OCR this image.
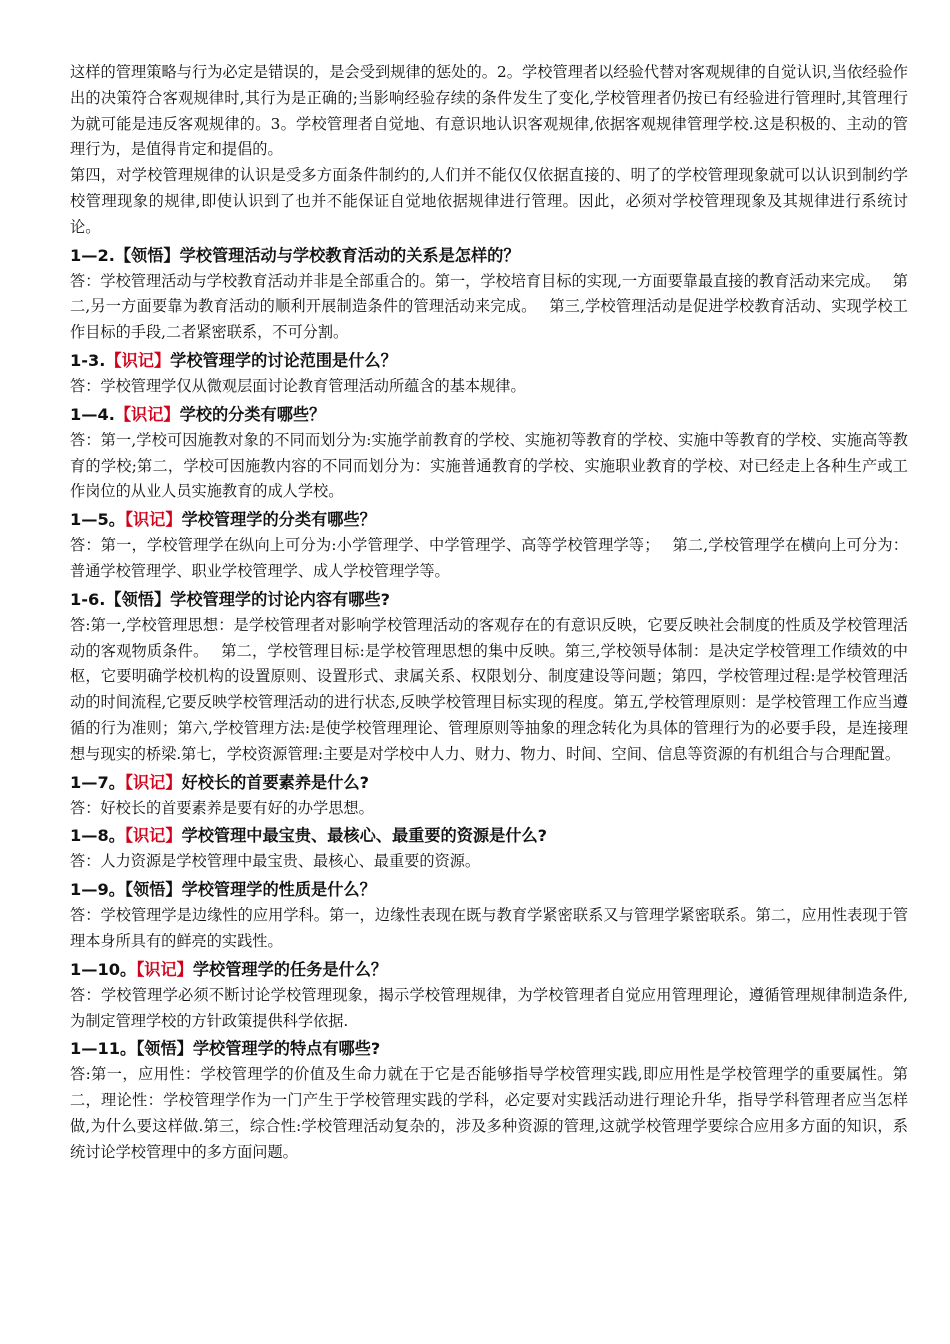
这样的管理策略与行为必定是错误的，是会受到规律的惩处的。2。学校管理者以经验代替对客观规律的自觉认识,当依经验作出的决策符合客观规律时,其行为是正确的;当影响经验存续的条件发生了变化,学校管理者仍按已有经验进行管理时,其管理行为就可能是违反客观规律的。3。学校管理者自觉地、有意识地认识客观规律,依据客观规律管理学校.这是积极的、主动的管理行为，是值得肯定和提倡的。

第四，对学校管理规律的认识是受多方面条件制约的,人们并不能仅仅依据直接的、明了的学校管理现象就可以认识到制约学校管理现象的规律,即使认识到了也并不能保证自觉地依据规律进行管理。因此，必须对学校管理现象及其规律进行系统讨论。

1—2.【领悟】学校管理活动与学校教育活动的关系是怎样的？

答：学校管理活动与学校教育活动并非是全部重合的。第一，学校培育目标的实现,一方面要靠最直接的教育活动来完成。　 第二,另一方面要靠为教育活动的顺利开展制造条件的管理活动来完成。　 第三,学校管理活动是促进学校教育活动、实现学校工作目标的手段,二者紧密联系，不可分割。

1-3.【识记】学校管理学的讨论范围是什么？

答：学校管理学仅从微观层面讨论教育管理活动所蕴含的基本规律。

1—4.【识记】学校的分类有哪些？

答：第一,学校可因施教对象的不同而划分为:实施学前教育的学校、实施初等教育的学校、实施中等教育的学校、实施高等教育的学校;第二，学校可因施教内容的不同而划分为：实施普通教育的学校、实施职业教育的学校、对已经走上各种生产或工作岗位的从业人员实施教育的成人学校。

1—5。【识记】学校管理学的分类有哪些？

答：第一，学校管理学在纵向上可分为:小学管理学、中学管理学、高等学校管理学等；　 第二,学校管理学在横向上可分为：普通学校管理学、职业学校管理学、成人学校管理学等。

1-6.【领悟】学校管理学的讨论内容有哪些?

答:第一,学校管理思想：是学校管理者对影响学校管理活动的客观存在的有意识反映，它要反映社会制度的性质及学校管理活动的客观物质条件。　 第二，学校管理目标:是学校管理思想的集中反映。第三,学校领导体制：是决定学校管理工作绩效的中枢，它要明确学校机构的设置原则、设置形式、隶属关系、权限划分、制度建设等问题；第四，学校管理过程:是学校管理活动的时间流程,它要反映学校管理活动的进行状态,反映学校管理目标实现的程度。第五,学校管理原则：是学校管理工作应当遵循的行为准则；第六,学校管理方法:是使学校管理理论、管理原则等抽象的理念转化为具体的管理行为的必要手段，是连接理想与现实的桥梁.第七，学校资源管理:主要是对学校中人力、财力、物力、时间、空间、信息等资源的有机组合与合理配置。

1—7。【识记】好校长的首要素养是什么?

答：好校长的首要素养是要有好的办学思想。

1—8。【识记】学校管理中最宝贵、最核心、最重要的资源是什么?

答：人力资源是学校管理中最宝贵、最核心、最重要的资源。

1—9。【领悟】学校管理学的性质是什么？

答：学校管理学是边缘性的应用学科。第一，边缘性表现在既与教育学紧密联系又与管理学紧密联系。第二，应用性表现于管理本身所具有的鲜亮的实践性。

1—10。【识记】学校管理学的任务是什么？

答：学校管理学必须不断讨论学校管理现象，揭示学校管理规律，为学校管理者自觉应用管理理论，遵循管理规律制造条件,为制定管理学校的方针政策提供科学依据.

1—11。【领悟】学校管理学的特点有哪些?

答:第一，应用性：学校管理学的价值及生命力就在于它是否能够指导学校管理实践,即应用性是学校管理学的重要属性。第二，理论性：学校管理学作为一门产生于学校管理实践的学科，必定要对实践活动进行理论升华，指导学科管理者应当怎样做,为什么要这样做.第三，综合性:学校管理活动复杂的，涉及多种资源的管理,这就学校管理学要综合应用多方面的知识，系统讨论学校管理中的多方面问题。
